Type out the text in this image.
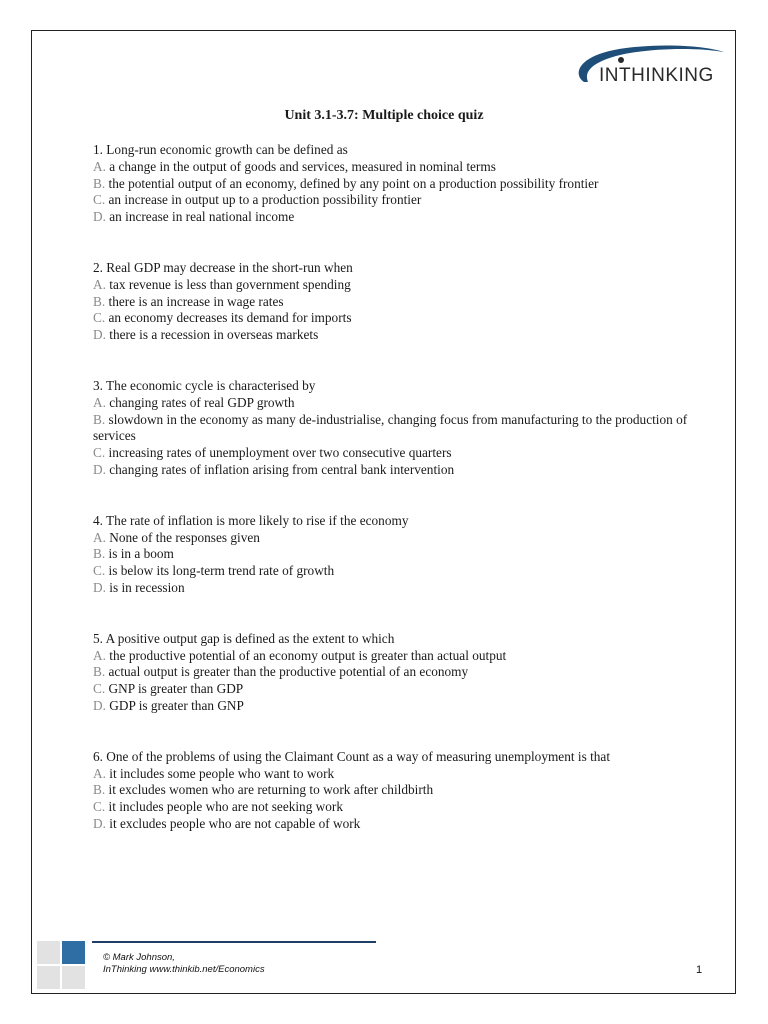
INTHINKING
Unit 3.1-3.7: Multiple choice quiz

1. Long-run economic growth can be defined as

A. a change in the output of goods and services, measured in nominal terms

B. the potential output of an economy, defined by any point on a production possibility frontier

C. an increase in output up to a production possibility frontier

D. an increase in real national income

2. Real GDP may decrease in the short-run when

A. tax revenue is less than government spending

B. there is an increase in wage rates

C. an economy decreases its demand for imports

D. there is a recession in overseas markets

3. The economic cycle is characterised by

A. changing rates of real GDP growth

B. slowdown in the economy as many de-industrialise, changing focus from manufacturing to the production of services

C. increasing rates of unemployment over two consecutive quarters

D. changing rates of inflation arising from central bank intervention

4. The rate of inflation is more likely to rise if the economy

A. None of the responses given

B. is in a boom

C. is below its long-term trend rate of growth

D. is in recession

5. A positive output gap is defined as the extent to which

A. the productive potential of an economy output is greater than actual output

B. actual output is greater than the productive potential of an economy

C. GNP is greater than GDP

D. GDP is greater than GNP

6. One of the problems of using the Claimant Count as a way of measuring unemployment is that

A. it includes some people who want to work

B. it excludes women who are returning to work after childbirth

C. it includes people who are not seeking work

D. it excludes people who are not capable of work

© Mark Johnson,
InThinking www.thinkib.net/Economics	1
